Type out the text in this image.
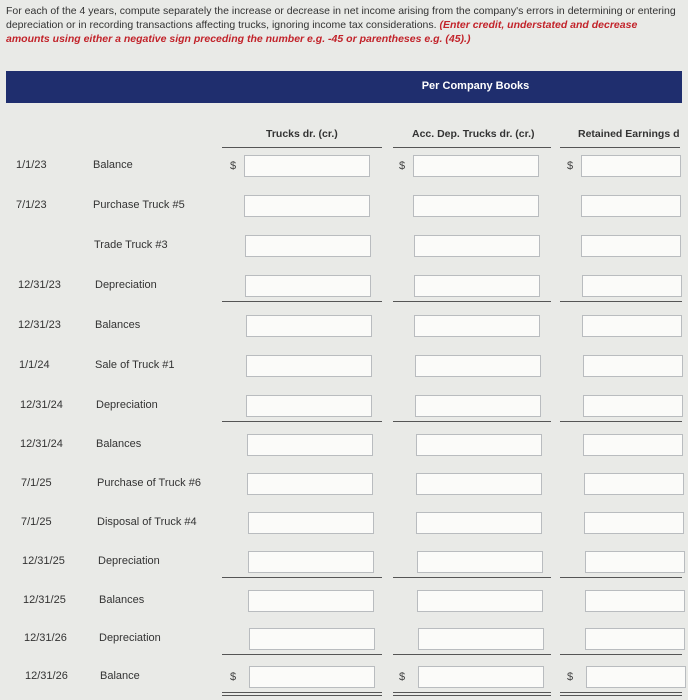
For each of the 4 years, compute separately the increase or decrease in net income arising from the company's errors in determining or entering depreciation or in recording transactions affecting trucks, ignoring income tax considerations. (Enter credit, understated and decrease amounts using either a negative sign preceding the number e.g. -45 or parentheses e.g. (45).)
Per Company Books
Trucks dr. (cr.)	Acc. Dep. Trucks dr. (cr.)	Retained Earnings d
1/1/23	Balance	$	$	$
7/1/23	Purchase Truck #5
Trade Truck #3
12/31/23	Depreciation
12/31/23	Balances
1/1/24	Sale of Truck #1
12/31/24	Depreciation
12/31/24	Balances
7/1/25	Purchase of Truck #6
7/1/25	Disposal of Truck #4
12/31/25	Depreciation
12/31/25	Balances
12/31/26	Depreciation
12/31/26	Balance	$	$	$
